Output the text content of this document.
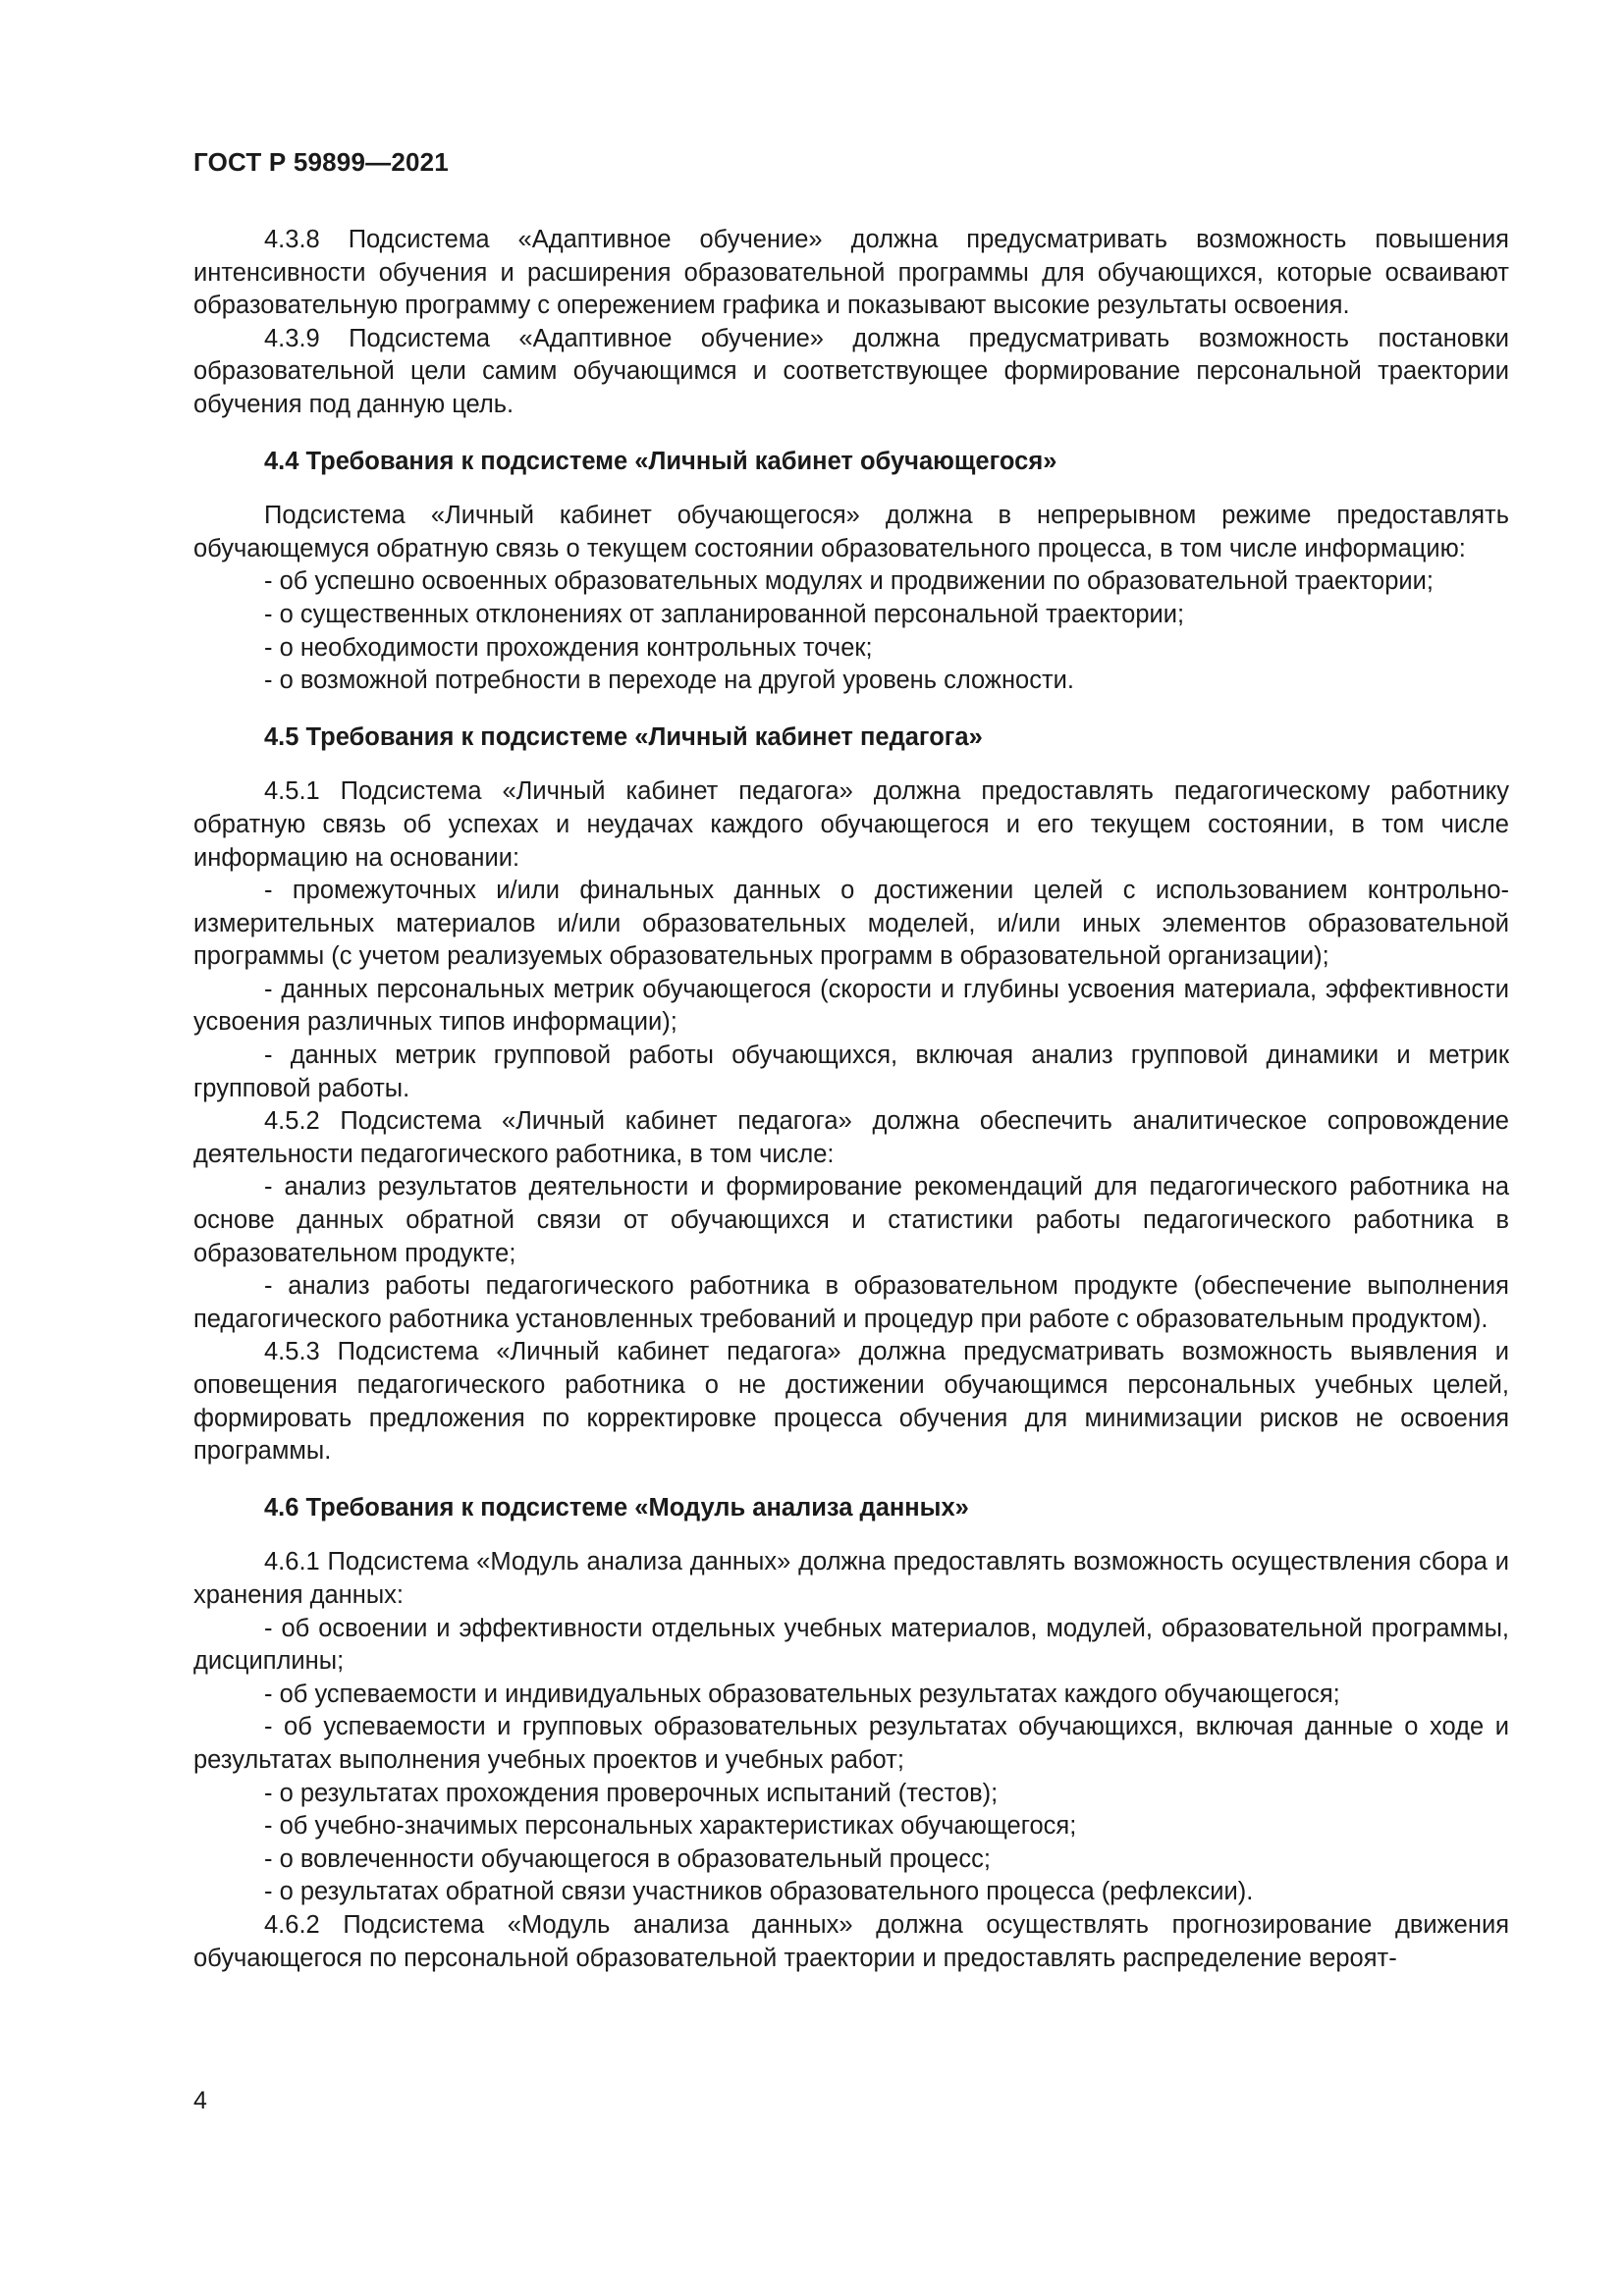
ГОСТ Р 59899—2021

4.3.8 Подсистема «Адаптивное обучение» должна предусматривать возможность повышения интенсивности обучения и расширения образовательной программы для обучающихся, которые осваивают образовательную программу с опережением графика и показывают высокие результаты освоения.

4.3.9 Подсистема «Адаптивное обучение» должна предусматривать возможность постановки образовательной цели самим обучающимся и соответствующее формирование персональной траектории обучения под данную цель.

4.4 Требования к подсистеме «Личный кабинет обучающегося»

Подсистема «Личный кабинет обучающегося» должна в непрерывном режиме предоставлять обучающемуся обратную связь о текущем состоянии образовательного процесса, в том числе информацию:

- об успешно освоенных образовательных модулях и продвижении по образовательной траектории;

- о существенных отклонениях от запланированной персональной траектории;

- о необходимости прохождения контрольных точек;

- о возможной потребности в переходе на другой уровень сложности.

4.5 Требования к подсистеме «Личный кабинет педагога»

4.5.1 Подсистема «Личный кабинет педагога» должна предоставлять педагогическому работнику обратную связь об успехах и неудачах каждого обучающегося и его текущем состоянии, в том числе информацию на основании:

- промежуточных и/или финальных данных о достижении целей с использованием контрольно-измерительных материалов и/или образовательных моделей, и/или иных элементов образовательной программы (с учетом реализуемых образовательных программ в образовательной организации);

- данных персональных метрик обучающегося (скорости и глубины усвоения материала, эффективности усвоения различных типов информации);

- данных метрик групповой работы обучающихся, включая анализ групповой динамики и метрик групповой работы.

4.5.2 Подсистема «Личный кабинет педагога» должна обеспечить аналитическое сопровождение деятельности педагогического работника, в том числе:

- анализ результатов деятельности и формирование рекомендаций для педагогического работника на основе данных обратной связи от обучающихся и статистики работы педагогического работника в образовательном продукте;

- анализ работы педагогического работника в образовательном продукте (обеспечение выполнения педагогического работника установленных требований и процедур при работе с образовательным продуктом).

4.5.3 Подсистема «Личный кабинет педагога» должна предусматривать возможность выявления и оповещения педагогического работника о не достижении обучающимся персональных учебных целей, формировать предложения по корректировке процесса обучения для минимизации рисков не освоения программы.

4.6 Требования к подсистеме «Модуль анализа данных»

4.6.1 Подсистема «Модуль анализа данных» должна предоставлять возможность осуществления сбора и хранения данных:

- об освоении и эффективности отдельных учебных материалов, модулей, образовательной программы, дисциплины;

- об успеваемости и индивидуальных образовательных результатах каждого обучающегося;

- об успеваемости и групповых образовательных результатах обучающихся, включая данные о ходе и результатах выполнения учебных проектов и учебных работ;

- о результатах прохождения проверочных испытаний (тестов);

- об учебно-значимых персональных характеристиках обучающегося;

- о вовлеченности обучающегося в образовательный процесс;

- о результатах обратной связи участников образовательного процесса (рефлексии).

4.6.2 Подсистема «Модуль анализа данных» должна осуществлять прогнозирование движения обучающегося по персональной образовательной траектории и предоставлять распределение вероят-

4
